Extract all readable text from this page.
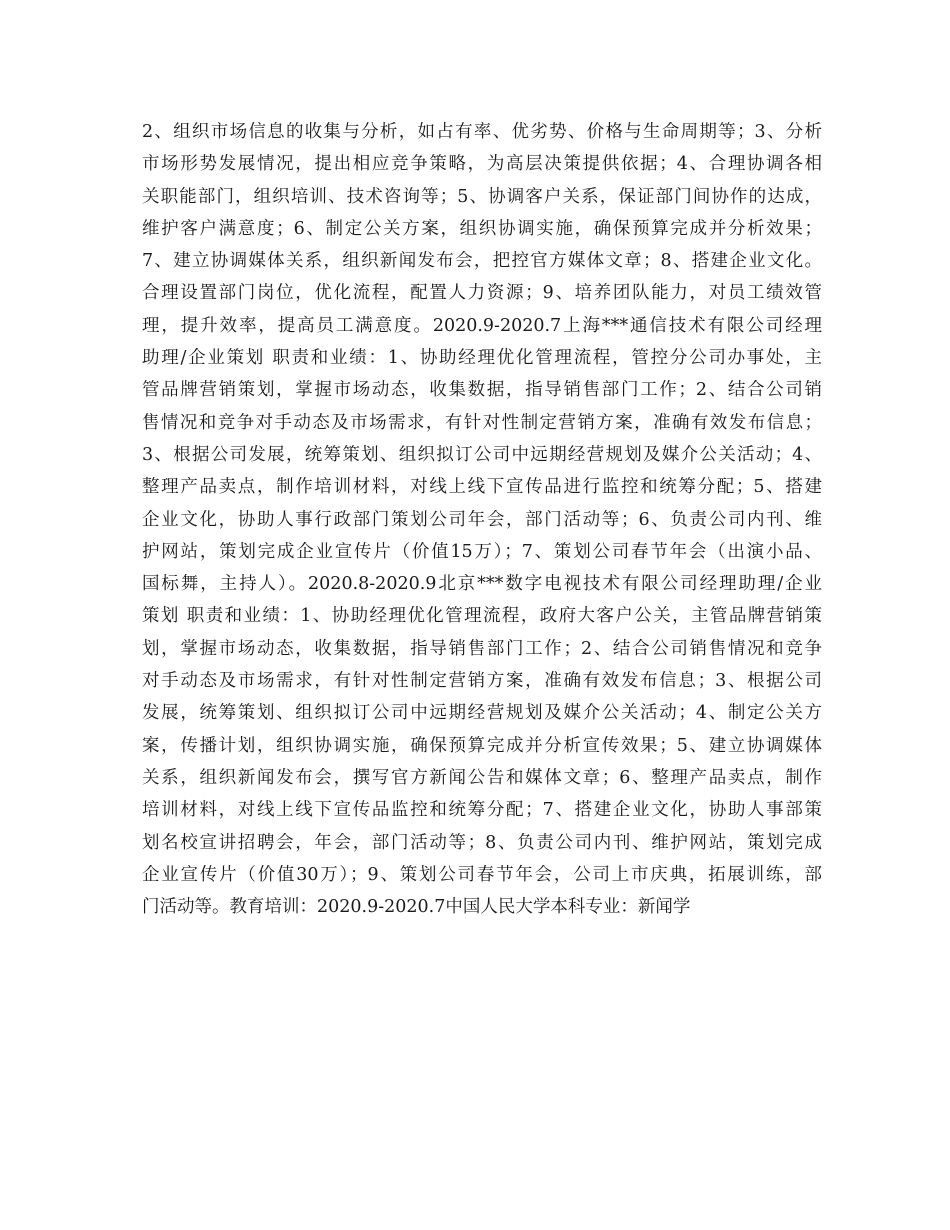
2、组织市场信息的收集与分析，如占有率、优劣势、价格与生命周期等；3、分析
市场形势发展情况，提出相应竞争策略，为高层决策提供依据；4、合理协调各相
关职能部门，组织培训、技术咨询等；5、协调客户关系，保证部门间协作的达成，
维护客户满意度；6、制定公关方案，组织协调实施，确保预算完成并分析效果；
7、建立协调媒体关系，组织新闻发布会，把控官方媒体文章；8、搭建企业文化。
合理设置部门岗位，优化流程，配置人力资源；9、培养团队能力，对员工绩效管
理，提升效率，提高员工满意度。2020.9-2020.7上海***通信技术有限公司经理
助理/企业策划 职责和业绩：1、协助经理优化管理流程，管控分公司办事处，主
管品牌营销策划，掌握市场动态，收集数据，指导销售部门工作；2、结合公司销
售情况和竞争对手动态及市场需求，有针对性制定营销方案，准确有效发布信息；
3、根据公司发展，统筹策划、组织拟订公司中远期经营规划及媒介公关活动；4、
整理产品卖点，制作培训材料，对线上线下宣传品进行监控和统筹分配；5、搭建
企业文化，协助人事行政部门策划公司年会，部门活动等；6、负责公司内刊、维
护网站，策划完成企业宣传片（价值15万）；7、策划公司春节年会（出演小品、
国标舞，主持人）。2020.8-2020.9北京***数字电视技术有限公司经理助理/企业
策划 职责和业绩：1、协助经理优化管理流程，政府大客户公关，主管品牌营销策
划，掌握市场动态，收集数据，指导销售部门工作；2、结合公司销售情况和竞争
对手动态及市场需求，有针对性制定营销方案，准确有效发布信息；3、根据公司
发展，统筹策划、组织拟订公司中远期经营规划及媒介公关活动；4、制定公关方
案，传播计划，组织协调实施，确保预算完成并分析宣传效果；5、建立协调媒体
关系，组织新闻发布会，撰写官方新闻公告和媒体文章；6、整理产品卖点，制作
培训材料，对线上线下宣传品监控和统筹分配；7、搭建企业文化，协助人事部策
划名校宣讲招聘会，年会，部门活动等；8、负责公司内刊、维护网站，策划完成
企业宣传片（价值30万）；9、策划公司春节年会，公司上市庆典，拓展训练，部
门活动等。教育培训：2020.9-2020.7中国人民大学本科专业：新闻学
